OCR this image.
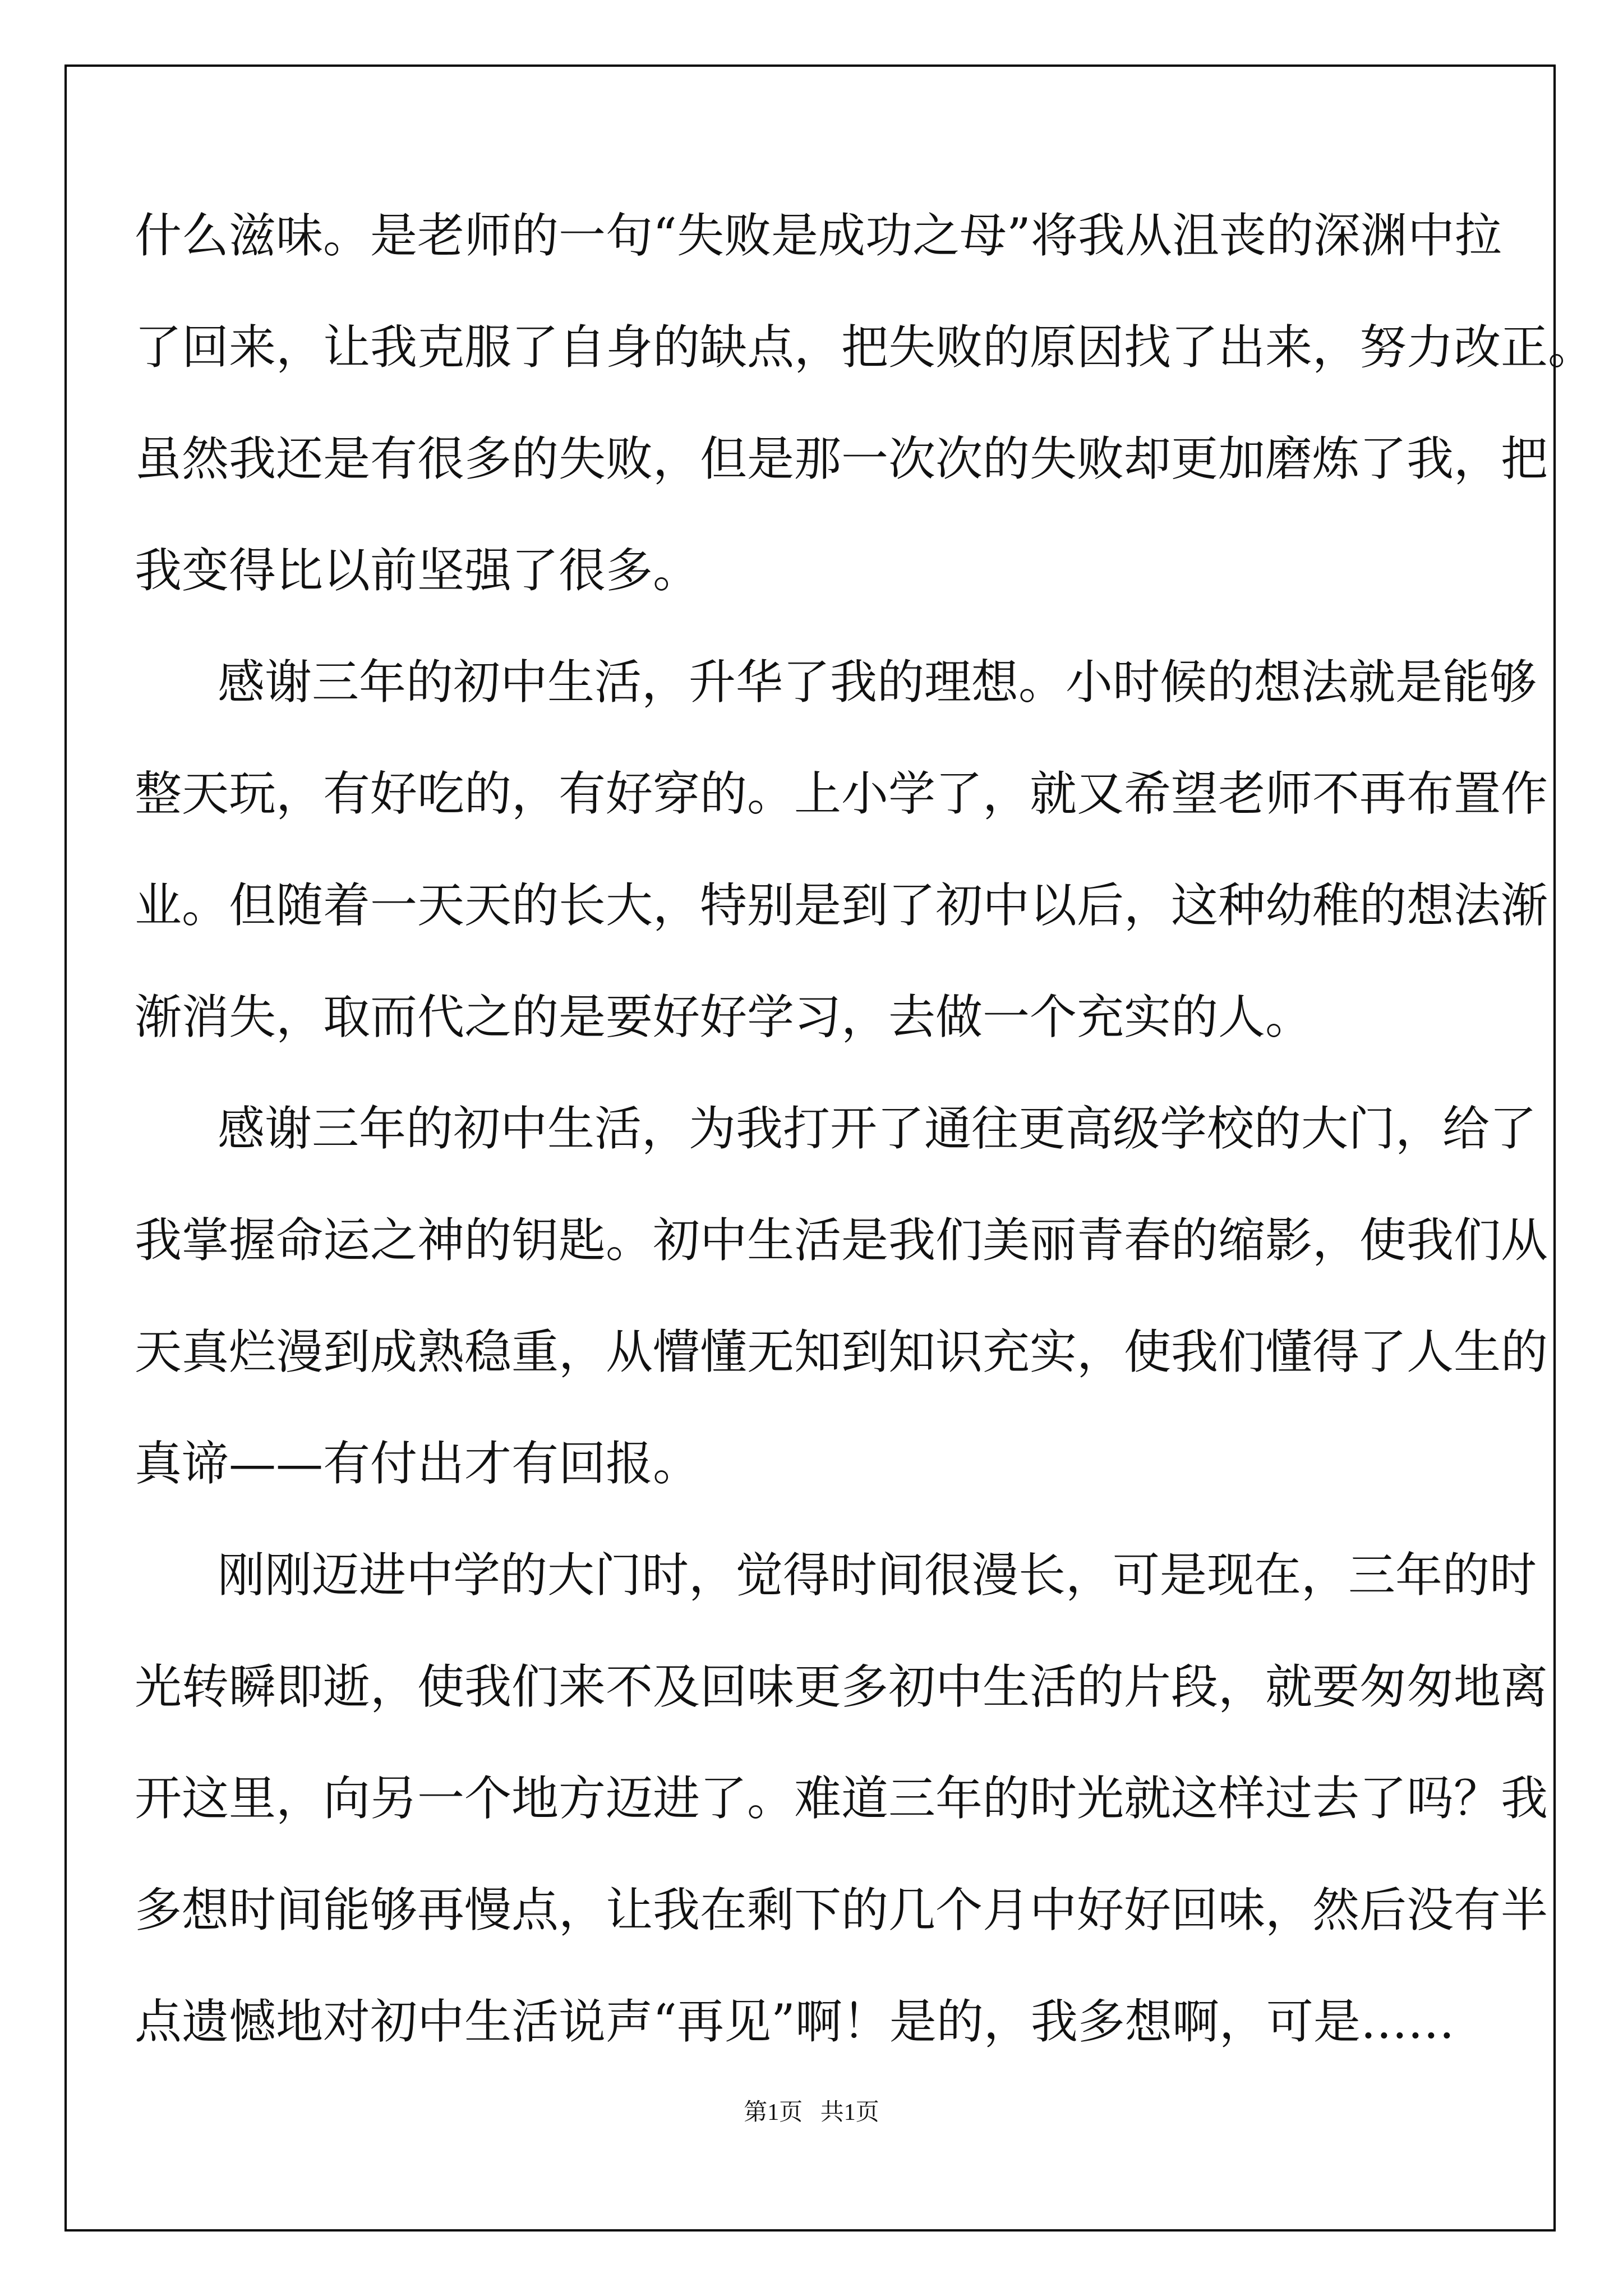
什么滋味。是老师的一句“失败是成功之母”将我从沮丧的深渊中拉
了回来，让我克服了自身的缺点，把失败的原因找了出来，努力改正。
虽然我还是有很多的失败，但是那一次次的失败却更加磨炼了我，把
我变得比以前坚强了很多。
感谢三年的初中生活，升华了我的理想。小时候的想法就是能够
整天玩，有好吃的，有好穿的。上小学了，就又希望老师不再布置作
业。但随着一天天的长大，特别是到了初中以后，这种幼稚的想法渐
渐消失，取而代之的是要好好学习，去做一个充实的人。
感谢三年的初中生活，为我打开了通往更高级学校的大门，给了
我掌握命运之神的钥匙。初中生活是我们美丽青春的缩影，使我们从
天真烂漫到成熟稳重，从懵懂无知到知识充实，使我们懂得了人生的
真谛——有付出才有回报。
刚刚迈进中学的大门时，觉得时间很漫长，可是现在，三年的时
光转瞬即逝，使我们来不及回味更多初中生活的片段，就要匆匆地离
开这里，向另一个地方迈进了。难道三年的时光就这样过去了吗？我
多想时间能够再慢点，让我在剩下的几个月中好好回味，然后没有半
点遗憾地对初中生活说声“再见”啊！是的，我多想啊，可是……
第1页   共1页
